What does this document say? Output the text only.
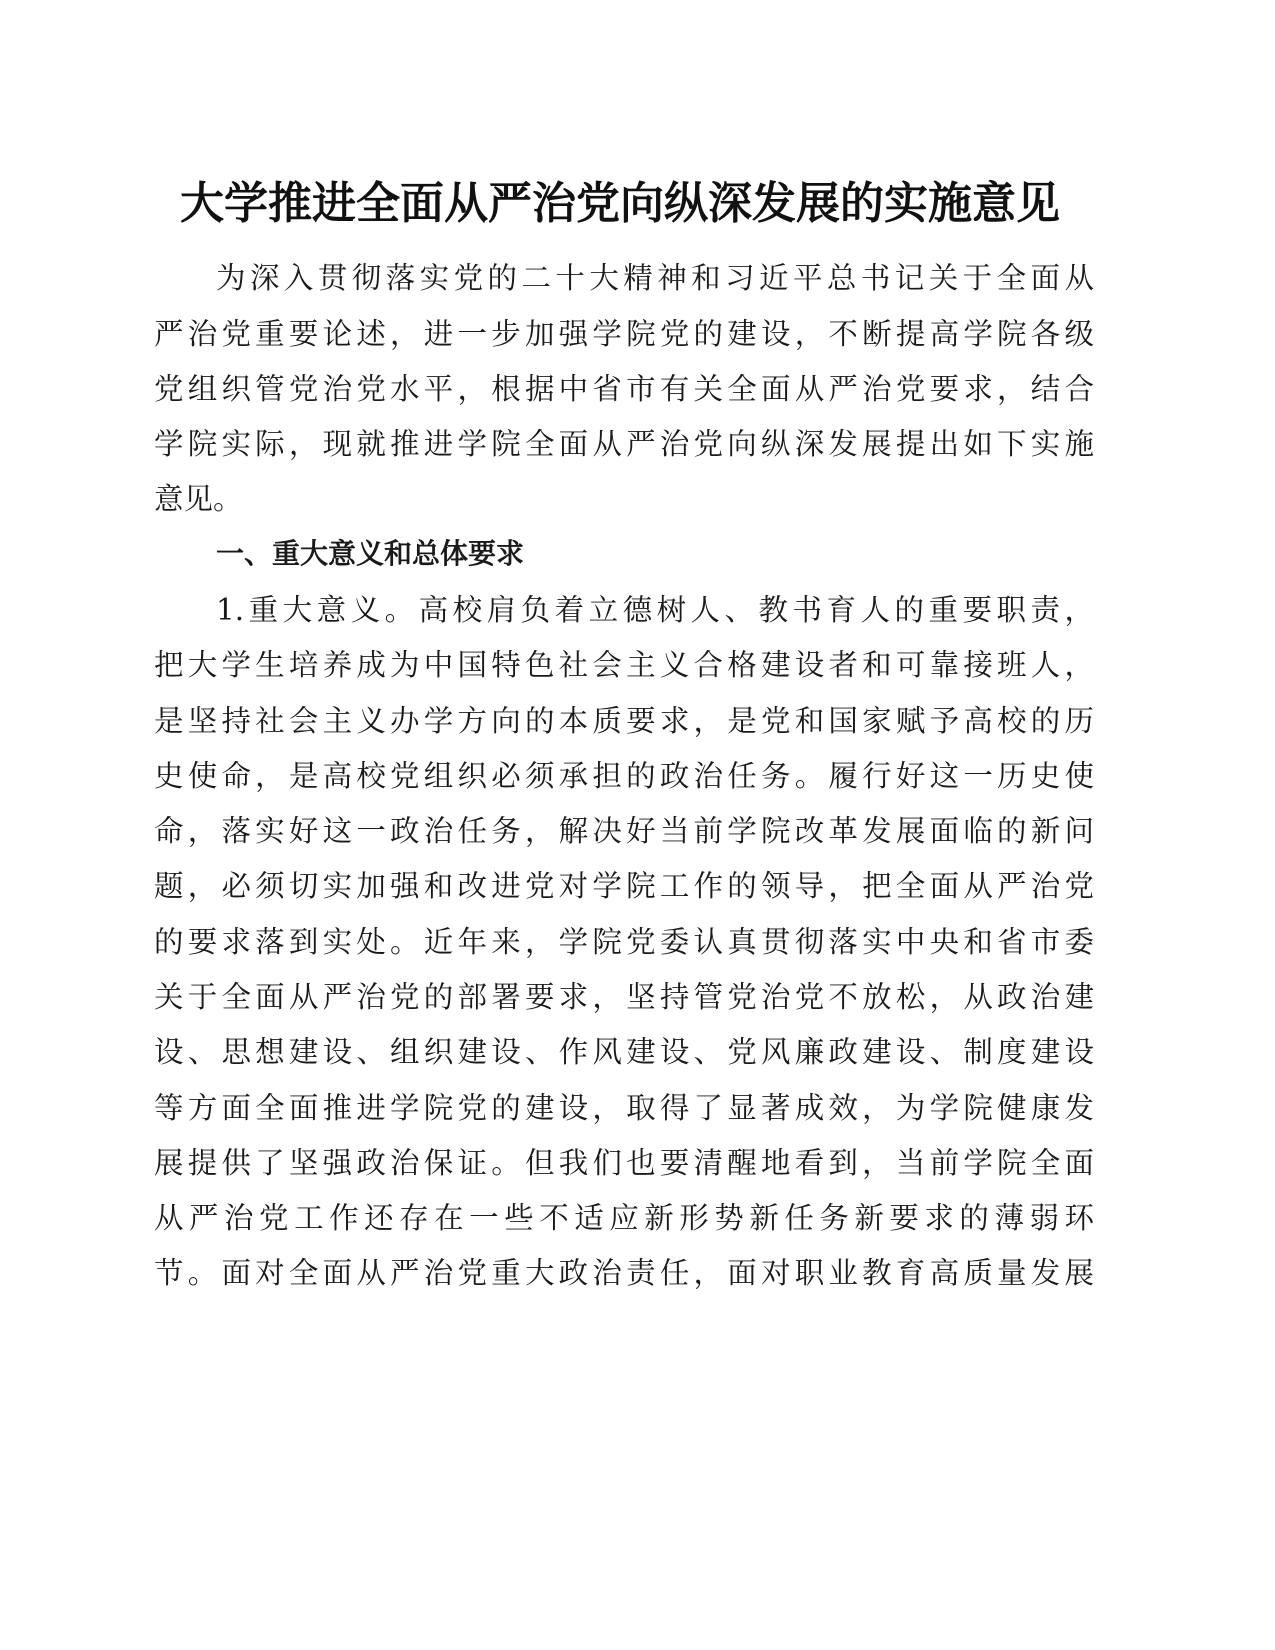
大学推进全面从严治党向纵深发展的实施意见
为深入贯彻落实党的二十大精神和习近平总书记关于全面从
严治党重要论述，进一步加强学院党的建设，不断提高学院各级
党组织管党治党水平，根据中省市有关全面从严治党要求，结合
学院实际，现就推进学院全面从严治党向纵深发展提出如下实施
意见。
一、重大意义和总体要求
1.重大意义。高校肩负着立德树人、教书育人的重要职责，
把大学生培养成为中国特色社会主义合格建设者和可靠接班人，
是坚持社会主义办学方向的本质要求，是党和国家赋予高校的历
史使命，是高校党组织必须承担的政治任务。履行好这一历史使
命，落实好这一政治任务，解决好当前学院改革发展面临的新问
题，必须切实加强和改进党对学院工作的领导，把全面从严治党
的要求落到实处。近年来，学院党委认真贯彻落实中央和省市委
关于全面从严治党的部署要求，坚持管党治党不放松，从政治建
设、思想建设、组织建设、作风建设、党风廉政建设、制度建设
等方面全面推进学院党的建设，取得了显著成效，为学院健康发
展提供了坚强政治保证。但我们也要清醒地看到，当前学院全面
从严治党工作还存在一些不适应新形势新任务新要求的薄弱环
节。面对全面从严治党重大政治责任，面对职业教育高质量发展
